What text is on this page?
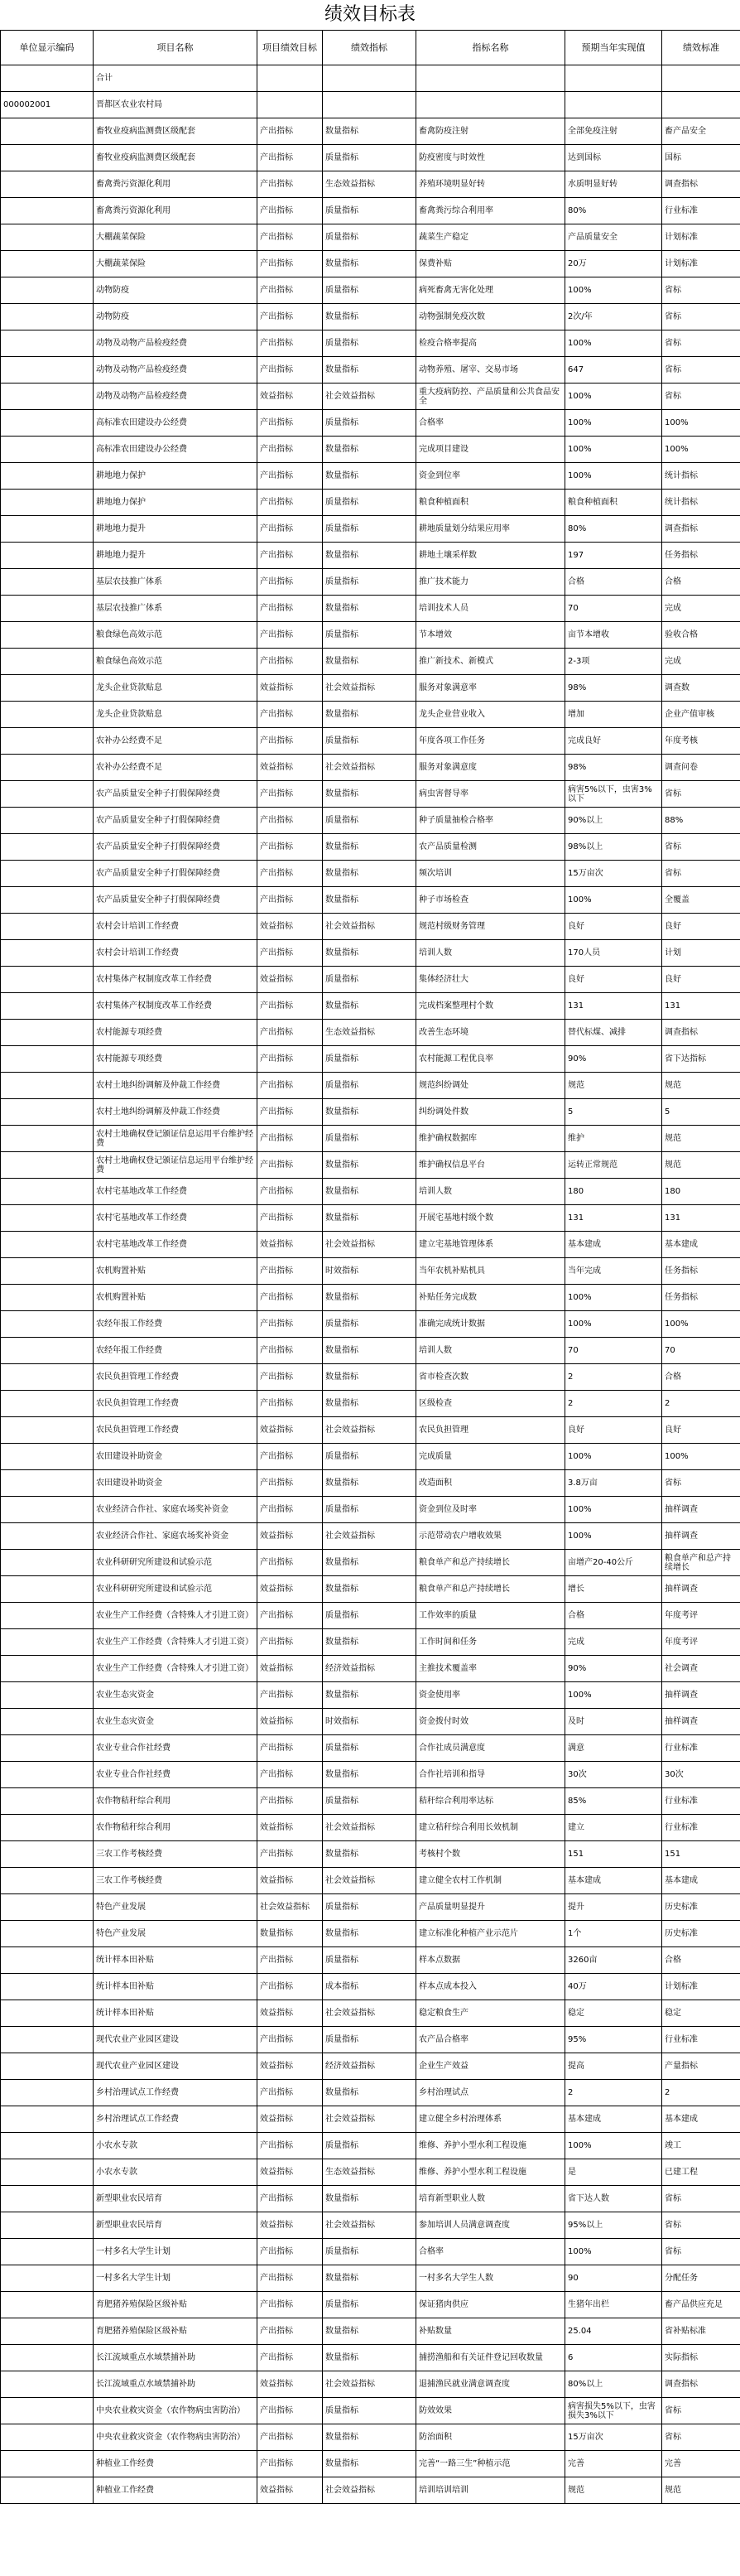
绩效目标表
单位显示编码	项目名称	项目绩效目标	绩效指标	指标名称	预期当年实现值	绩效标准
	合计					
000002001	晋都区农业农村局					
	畜牧业疫病监测费区级配套	产出指标	数量指标	畜禽防疫注射	全部免疫注射	畜产品安全
	畜牧业疫病监测费区级配套	产出指标	质量指标	防疫密度与时效性	达到国标	国标
	畜禽粪污资源化利用	产出指标	生态效益指标	养殖环境明显好转	水质明显好转	调查指标
	畜禽粪污资源化利用	产出指标	质量指标	畜禽粪污综合利用率	80%	行业标准
	大棚蔬菜保险	产出指标	质量指标	蔬菜生产稳定	产品质量安全	计划标准
	大棚蔬菜保险	产出指标	数量指标	保费补贴	20万	计划标准
	动物防疫	产出指标	质量指标	病死畜禽无害化处理	100%	省标
	动物防疫	产出指标	数量指标	动物强制免疫次数	2次/年	省标
	动物及动物产品检疫经费	产出指标	质量指标	检疫合格率提高	100%	省标
	动物及动物产品检疫经费	产出指标	数量指标	动物养殖、屠宰、交易市场	647	省标
	动物及动物产品检疫经费	效益指标	社会效益指标	重大疫病防控、产品质量和公共食品安全	100%	省标
	高标准农田建设办公经费	产出指标	质量指标	合格率	100%	100%
	高标准农田建设办公经费	产出指标	数量指标	完成项目建设	100%	100%
	耕地地力保护	产出指标	数量指标	资金到位率	100%	统计指标
	耕地地力保护	产出指标	质量指标	粮食种植面积	粮食种植面积	统计指标
	耕地地力提升	产出指标	质量指标	耕地质量划分结果应用率	80%	调查指标
	耕地地力提升	产出指标	数量指标	耕地土壤采样数	197	任务指标
	基层农技推广体系	产出指标	质量指标	推广技术能力	合格	合格
	基层农技推广体系	产出指标	数量指标	培训技术人员	70	完成
	粮食绿色高效示范	产出指标	质量指标	节本增效	亩节本增收	验收合格
	粮食绿色高效示范	产出指标	数量指标	推广新技术、新模式	2-3项	完成
	龙头企业贷款贴息	效益指标	社会效益指标	服务对象满意率	98%	调查数
	龙头企业贷款贴息	产出指标	数量指标	龙头企业营业收入	增加	企业产值审核
	农补办公经费不足	产出指标	质量指标	年度各项工作任务	完成良好	年度考核
	农补办公经费不足	效益指标	社会效益指标	服务对象满意度	98%	调查问卷
	农产品质量安全种子打假保障经费	产出指标	数量指标	病虫害督导率	病害5%以下，虫害3%以下	省标
	农产品质量安全种子打假保障经费	产出指标	质量指标	种子质量抽检合格率	90%以上	88%
	农产品质量安全种子打假保障经费	产出指标	数量指标	农产品质量检测	98%以上	省标
	农产品质量安全种子打假保障经费	产出指标	数量指标	频次培训	15万亩次	省标
	农产品质量安全种子打假保障经费	产出指标	数量指标	种子市场检查	100%	全覆盖
	农村会计培训工作经费	效益指标	社会效益指标	规范村级财务管理	良好	良好
	农村会计培训工作经费	产出指标	数量指标	培训人数	170人员	计划
	农村集体产权制度改革工作经费	效益指标	质量指标	集体经济壮大	良好	良好
	农村集体产权制度改革工作经费	产出指标	数量指标	完成档案整理村个数	131	131
	农村能源专项经费	产出指标	生态效益指标	改善生态环境	替代标煤、减排	调查指标
	农村能源专项经费	产出指标	质量指标	农村能源工程优良率	90%	省下达指标
	农村土地纠纷调解及仲裁工作经费	产出指标	质量指标	规范纠纷调处	规范	规范
	农村土地纠纷调解及仲裁工作经费	产出指标	数量指标	纠纷调处件数	5	5
	农村土地确权登记颁证信息运用平台维护经费	产出指标	质量指标	维护确权数据库	维护	规范
	农村土地确权登记颁证信息运用平台维护经费	产出指标	数量指标	维护确权信息平台	运转正常规范	规范
	农村宅基地改革工作经费	产出指标	数量指标	培训人数	180	180
	农村宅基地改革工作经费	产出指标	数量指标	开展宅基地村级个数	131	131
	农村宅基地改革工作经费	效益指标	社会效益指标	建立宅基地管理体系	基本建成	基本建成
	农机购置补贴	产出指标	时效指标	当年农机补贴机具	当年完成	任务指标
	农机购置补贴	产出指标	数量指标	补贴任务完成数	100%	任务指标
	农经年报工作经费	产出指标	质量指标	准确完成统计数据	100%	100%
	农经年报工作经费	产出指标	数量指标	培训人数	70	70
	农民负担管理工作经费	产出指标	数量指标	省市检查次数	2	合格
	农民负担管理工作经费	产出指标	数量指标	区级检查	2	2
	农民负担管理工作经费	效益指标	社会效益指标	农民负担管理	良好	良好
	农田建设补助资金	产出指标	质量指标	完成质量	100%	100%
	农田建设补助资金	产出指标	数量指标	改造面积	3.8万亩	省标
	农业经济合作社、家庭农场奖补资金	产出指标	质量指标	资金到位及时率	100%	抽样调查
	农业经济合作社、家庭农场奖补资金	效益指标	社会效益指标	示范带动农户增收效果	100%	抽样调查
	农业科研研究所建设和试验示范	产出指标	数量指标	粮食单产和总产持续增长	亩增产20-40公斤	粮食单产和总产持续增长
	农业科研研究所建设和试验示范	效益指标	数量指标	粮食单产和总产持续增长	增长	抽样调查
	农业生产工作经费（含特殊人才引进工资）	产出指标	质量指标	工作效率的质量	合格	年度考评
	农业生产工作经费（含特殊人才引进工资）	产出指标	数量指标	工作时间和任务	完成	年度考评
	农业生产工作经费（含特殊人才引进工资）	效益指标	经济效益指标	主推技术覆盖率	90%	社会调查
	农业生态灾资金	产出指标	数量指标	资金使用率	100%	抽样调查
	农业生态灾资金	效益指标	时效指标	资金拨付时效	及时	抽样调查
	农业专业合作社经费	产出指标	质量指标	合作社成员满意度	满意	行业标准
	农业专业合作社经费	产出指标	数量指标	合作社培训和指导	30次	30次
	农作物秸秆综合利用	产出指标	质量指标	秸秆综合利用率达标	85%	行业标准
	农作物秸秆综合利用	效益指标	社会效益指标	建立秸秆综合利用长效机制	建立	行业标准
	三农工作考核经费	产出指标	数量指标	考核村个数	151	151
	三农工作考核经费	效益指标	社会效益指标	建立健全农村工作机制	基本建成	基本建成
	特色产业发展	社会效益指标	质量指标	产品质量明显提升	提升	历史标准
	特色产业发展	数量指标	数量指标	建立标准化种植产业示范片	1个	历史标准
	统计样本田补贴	产出指标	质量指标	样本点数据	3260亩	合格
	统计样本田补贴	产出指标	成本指标	样本点成本投入	40万	计划标准
	统计样本田补贴	效益指标	社会效益指标	稳定粮食生产	稳定	稳定
	现代农业产业园区建设	产出指标	质量指标	农产品合格率	95%	行业标准
	现代农业产业园区建设	效益指标	经济效益指标	企业生产效益	提高	产量指标
	乡村治理试点工作经费	产出指标	数量指标	乡村治理试点	2	2
	乡村治理试点工作经费	效益指标	社会效益指标	建立健全乡村治理体系	基本建成	基本建成
	小农水专款	产出指标	质量指标	维修、养护小型水利工程设施	100%	竣工
	小农水专款	效益指标	生态效益指标	维修、养护小型水利工程设施	是	已建工程
	新型职业农民培育	产出指标	数量指标	培育新型职业人数	省下达人数	省标
	新型职业农民培育	效益指标	社会效益指标	参加培训人员满意调查度	95%以上	省标
	一村多名大学生计划	产出指标	质量指标	合格率	100%	省标
	一村多名大学生计划	产出指标	数量指标	一村多名大学生人数	90	分配任务
	育肥猪养殖保险区级补贴	产出指标	质量指标	保证猪肉供应	生猪年出栏	畜产品供应充足
	育肥猪养殖保险区级补贴	产出指标	数量指标	补贴数量	25.04	省补贴标准
	长江流域重点水域禁捕补助	产出指标	数量指标	捕捞渔船和有关证件登记回收数量	6	实际指标
	长江流域重点水域禁捕补助	效益指标	社会效益指标	退捕渔民就业满意调查度	80%以上	调查指标
	中央农业救灾资金（农作物病虫害防治）	产出指标	质量指标	防效效果	病害损失5%以下，虫害损失3%以下	省标
	中央农业救灾资金（农作物病虫害防治）	产出指标	数量指标	防治面积	15万亩次	省标
	种植业工作经费	产出指标	数量指标	完善“一路三生”种植示范	完善	完善
	种植业工作经费	效益指标	社会效益指标	培训培训培训	规范	规范
